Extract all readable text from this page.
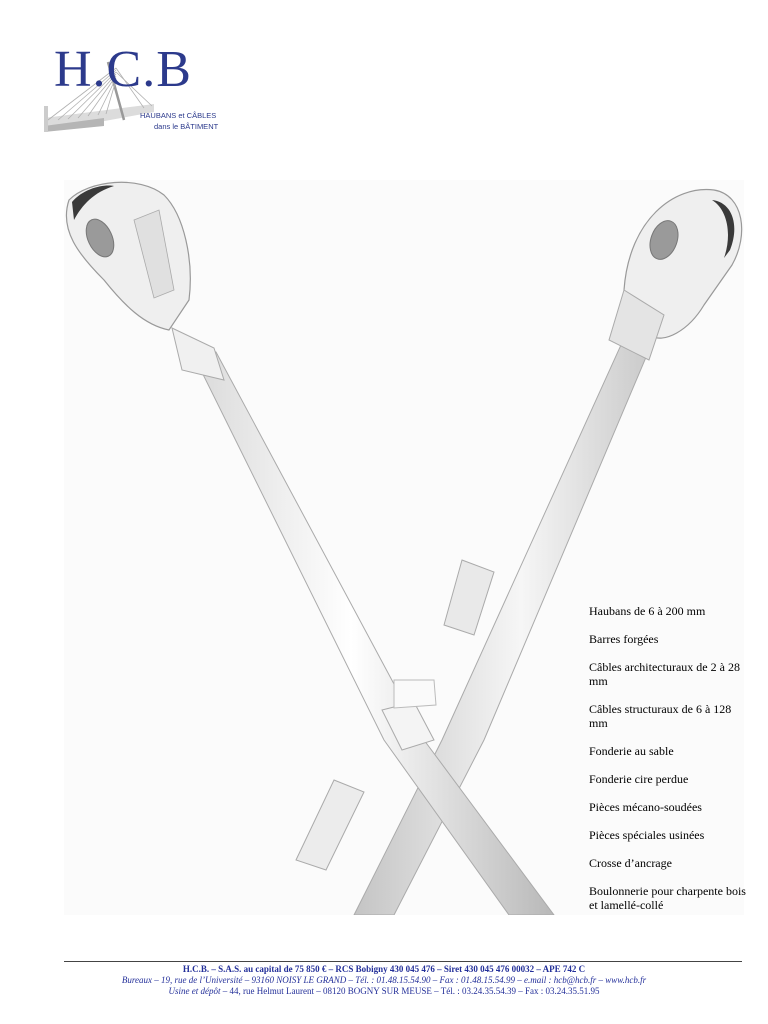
H.C.B
HAUBANS et CÂBLES
dans le BÂTIMENT
Haubans de 6 à 200 mm
Barres forgées
Câbles architecturaux de 2 à 28 mm
Câbles structuraux de 6 à 128 mm
Fonderie au sable
Fonderie cire perdue
Pièces mécano-soudées
Pièces spéciales usinées
Crosse d’ancrage
Boulonnerie pour charpente bois et lamellé-collé
H.C.B. – S.A.S. au capital de 75 850 € – RCS Bobigny 430 045 476 – Siret 430 045 476 00032 – APE 742 C
Bureaux – 19, rue de l’Université – 93160 NOISY LE GRAND – Tél. : 01.48.15.54.90 – Fax : 01.48.15.54.99 – e.mail : hcb@hcb.fr – www.hcb.fr
Usine et dépôt – 44, rue Helmut Laurent – 08120 BOGNY SUR MEUSE – Tél. : 03.24.35.54.39 – Fax : 03.24.35.51.95
